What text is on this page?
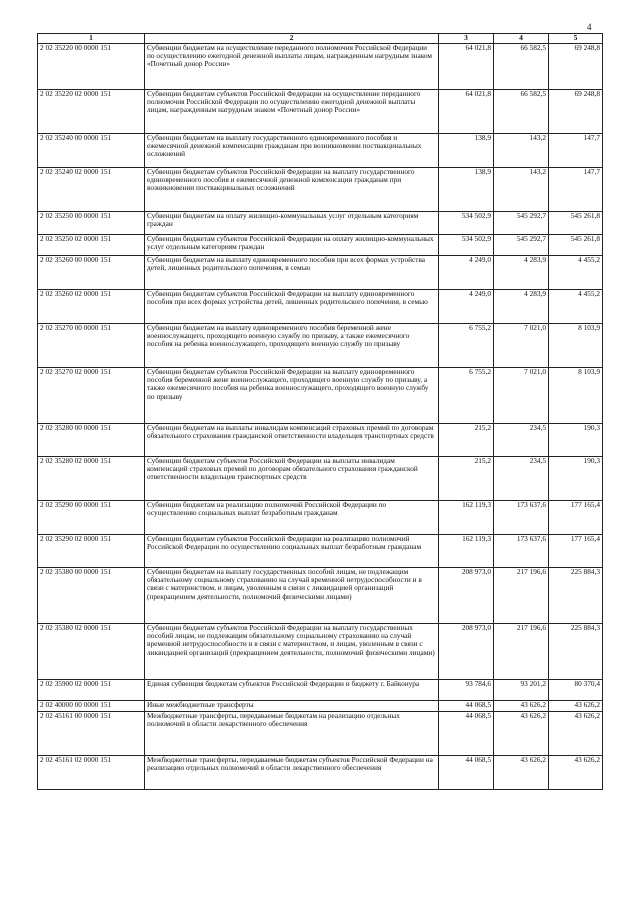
4
1	2	3	4	5
2 02 35220 00 0000 151	Субвенции бюджетам на осуществление переданного полномочия Российской Федерации по осуществлению ежегодной денежной выплаты лицам, награжденным нагрудным знаком «Почетный донор России»	64 021,8	66 582,5	69 248,8
2 02 35220 02 0000 151	Субвенции бюджетам субъектов Российской Федерации на осуществление переданного полномочия Российской Федерации по осуществлению ежегодной денежной выплаты лицам, награжденным нагрудным знаком «Почетный донор России»	64 021,8	66 582,5	69 248,8
2 02 35240 00 0000 151	Субвенции бюджетам на выплату государственного единовременного пособия и ежемесячной денежной компенсации гражданам при возникновении поствакцинальных осложнений	138,9	143,2	147,7
2 02 35240 02 0000 151	Субвенции бюджетам субъектов Российской Федерации на выплату государственного единовременного пособия и ежемесячной денежной компенсации гражданам при возникновении поствакцинальных осложнений	138,9	143,2	147,7
2 02 35250 00 0000 151	Субвенции бюджетам на оплату жилищно-коммунальных услуг отдельным категориям граждан	534 502,9	545 292,7	545 261,8
2 02 35250 02 0000 151	Субвенции бюджетам субъектов Российской Федерации на оплату жилищно-коммунальных услуг отдельным категориям граждан	534 502,9	545 292,7	545 261,8
2 02 35260 00 0000 151	Субвенции бюджетам на выплату единовременного пособия при всех формах устройства детей, лишенных родительского попечения, в семью	4 249,0	4 283,9	4 455,2
2 02 35260 02 0000 151	Субвенции бюджетам субъектов Российской Федерации на выплату единовременного пособия при всех формах устройства детей, лишенных родительского попечения, в семью	4 249,0	4 283,9	4 455,2
2 02 35270 00 0000 151	Субвенции бюджетам на выплату единовременного пособия беременной жене военнослужащего, проходящего военную службу по призыву, а также ежемесячного пособия на ребенка военнослужащего, проходящего военную службу по призыву	6 755,2	7 021,0	8 103,9
2 02 35270 02 0000 151	Субвенции бюджетам субъектов Российской Федерации на выплату единовременного пособия беременной жене военнослужащего, проходящего военную службу по призыву, а также ежемесячного пособия на ребенка военнослужащего, проходящего военную службу по призыву	6 755,2	7 021,0	8 103,9
2 02 35280 00 0000 151	Субвенции бюджетам на выплаты инвалидам компенсаций страховых премий по договорам обязательного страхования гражданской ответственности владельцев транспортных средств	215,2	234,5	190,3
2 02 35280 02 0000 151	Субвенции бюджетам субъектов Российской Федерации на выплаты инвалидам компенсаций страховых премий по договорам обязательного страхования гражданской ответственности владельцев транспортных средств	215,2	234,5	190,3
2 02 35290 00 0000 151	Субвенции бюджетам на реализацию полномочий Российской Федерации по осуществлению социальных выплат безработным гражданам	162 119,3	173 637,6	177 165,4
2 02 35290 02 0000 151	Субвенции бюджетам субъектов Российской Федерации на реализацию полномочий Российской Федерации по осуществлению социальных выплат безработным гражданам	162 119,3	173 637,6	177 165,4
2 02 35380 00 0000 151	Субвенции бюджетам на выплату государственных пособий лицам, не подлежащим обязательному социальному страхованию на случай временной нетрудоспособности и в связи с материнством, и лицам, уволенным в связи с ликвидацией организаций (прекращением деятельности, полномочий физическими лицами)	208 973,0	217 196,6	225 884,3
2 02 35380 02 0000 151	Субвенции бюджетам субъектов Российской Федерации на выплату государственных пособий лицам, не подлежащим обязательному социальному страхованию на случай временной нетрудоспособности и в связи с материнством, и лицам, уволенным в связи с ликвидацией организаций (прекращением деятельности, полномочий физическими лицами)	208 973,0	217 196,6	225 884,3
2 02 35900 02 0000 151	Единая субвенция бюджетам субъектов Российской Федерации и бюджету г. Байконура	93 784,6	93 201,2	80 370,4
2 02 40000 00 0000 151	Иные межбюджетные трансферты	44 068,5	43 626,2	43 626,2
2 02 45161 00 0000 151	Межбюджетные трансферты, передаваемые бюджетам на реализацию отдельных полномочий в области лекарственного обеспечения	44 068,5	43 626,2	43 626,2
2 02 45161 02 0000 151	Межбюджетные трансферты, передаваемые бюджетам субъектов Российской Федерации на реализацию отдельных полномочий в области лекарственного обеспечения	44 068,5	43 626,2	43 626,2
